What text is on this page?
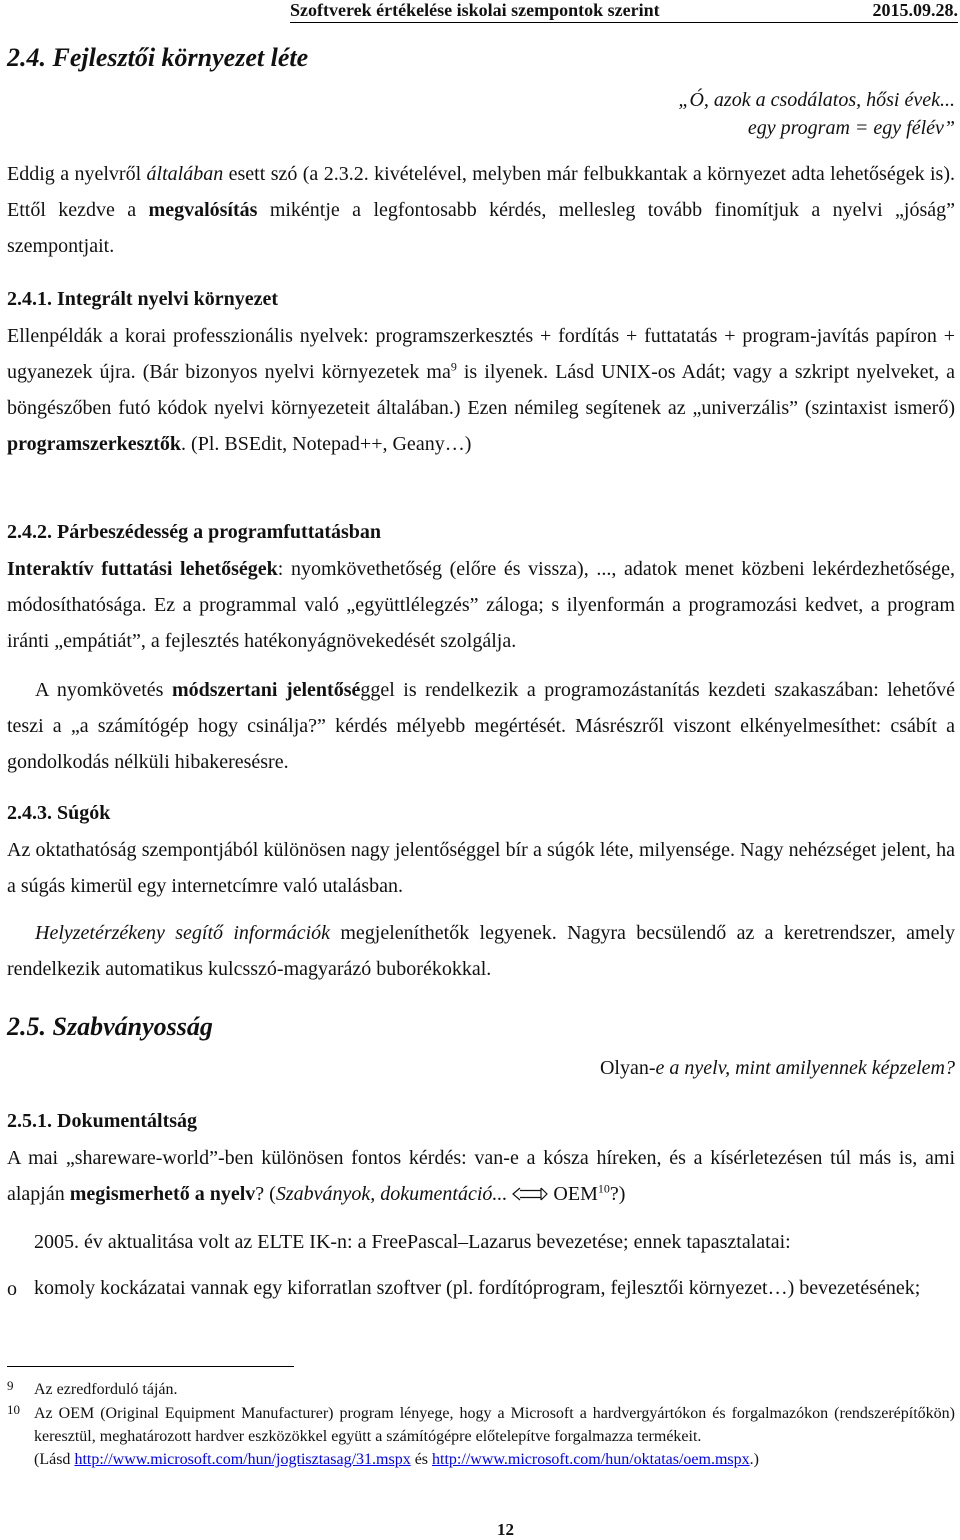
Szoftverek értékelése iskolai szempontok szerint	2015.09.28.
2.4. Fejlesztői környezet léte
„Ó, azok a csodálatos, hősi évek...
egy program = egy félév”
Eddig a nyelvről általában esett szó (a 2.3.2. kivételével, melyben már felbukkantak a környezet adta lehetőségek is). Ettől kezdve a megvalósítás mikéntje a legfontosabb kérdés, mellesleg tovább finomítjuk a nyelvi „jóság” szempontjait.
2.4.1. Integrált nyelvi környezet
Ellenpéldák a korai professzionális nyelvek: programszerkesztés + fordítás + futtatatás + program-javítás papíron + ugyanezek újra. (Bár bizonyos nyelvi környezetek $ma^9$ is ilyenek. Lásd UNIX-os Adát; vagy a szkript nyelveket, a böngészőben futó kódok nyelvi környezeteit általában.) Ezen némileg segítenek az „univerzális” (szintaxist ismerő) programszerkesztők. (Pl. BSEdit, Notepad++, Geany…)
2.4.2. Párbeszédesség a programfuttatásban
Interaktív futtatási lehetőségek: nyomkövethetőség (előre és vissza), ..., adatok menet közbeni lekérdezhetősége, módosíthatósága. Ez a programmal való „együttlélegzés” záloga; s ilyenformán a programozási kedvet, a program iránti „empátiát”, a fejlesztés hatékonyágnövekedését szolgálja.
A nyomkövetés módszertani jelentőséggel is rendelkezik a programozástanítás kezdeti szakaszában: lehetővé teszi a „a számítógép hogy csinálja?” kérdés mélyebb megértését. Másrészről viszont elkényelmesíthet: csábít a gondolkodás nélküli hibakeresésre.
2.4.3. Súgók
Az oktathatóság szempontjából különösen nagy jelentőséggel bír a súgók léte, milyensége. Nagy nehézséget jelent, ha a súgás kimerül egy internetcímre való utalásban.
Helyzetérzékeny segítő információk megjeleníthetők legyenek. Nagyra becsülendő az a keretrendszer, amely rendelkezik automatikus kulcsszó-magyarázó buborékokkal.
2.5. Szabványosság
Olyan-e a nyelv, mint amilyennek képzelem?
2.5.1. Dokumentáltság
A mai „shareware-world”-ben különösen fontos kérdés: van-e a kósza híreken, és a kísérletezésen túl más is, ami alapján megismerhető a nyelv? (Szabványok, dokumentáció...  OEM$^{10}$?)
2005. év aktualitása volt az ELTE IK-n: a FreePascal–Lazarus bevezetése; ennek tapasztalatai:
o komoly kockázatai vannak egy kiforratlan szoftver (pl. fordítóprogram, fejlesztői környezet…) bevezetésének;
9 Az ezredforduló táján.
10 Az OEM (Original Equipment Manufacturer) program lényege, hogy a Microsoft a hardvergyártókon és forgalmazókon (rendszerépítőkön) keresztül, meghatározott hardver eszközökkel együtt a számítógépre előtelepítve forgalmazza termékeit.
(Lásd http://www.microsoft.com/hun/jogtisztasag/31.mspx és http://www.microsoft.com/hun/oktatas/oem.mspx.)
12
